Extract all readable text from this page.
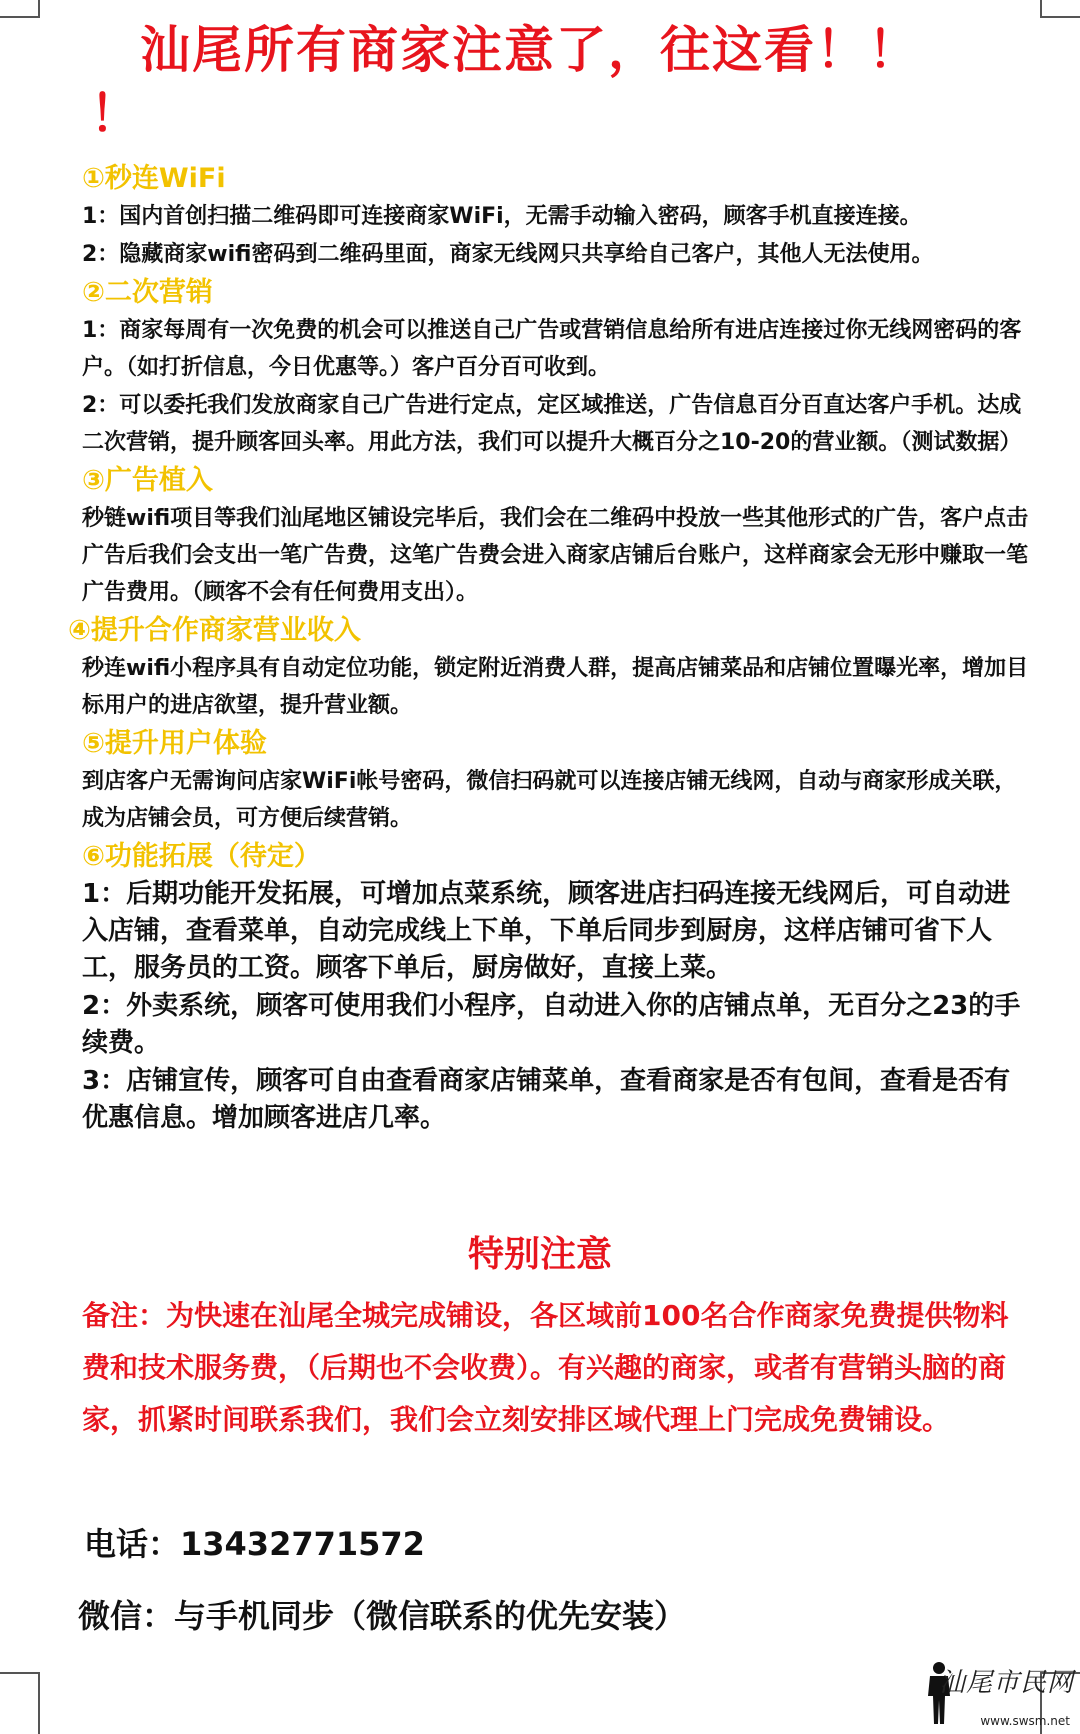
汕尾所有商家注意了，往这看！！
！

①秒连WiFi

1：国内首创扫描二维码即可连接商家WiFi，无需手动输入密码，顾客手机直接连接。

2：隐藏商家wifi密码到二维码里面，商家无线网只共享给自己客户，其他人无法使用。

②二次营销

1：商家每周有一次免费的机会可以推送自己广告或营销信息给所有进店连接过你无线网密码的客户。（如打折信息，今日优惠等。）客户百分百可收到。

2：可以委托我们发放商家自己广告进行定点，定区域推送，广告信息百分百直达客户手机。达成二次营销，提升顾客回头率。用此方法，我们可以提升大概百分之10-20的营业额。（测试数据）

③广告植入

秒链wifi项目等我们汕尾地区铺设完毕后，我们会在二维码中投放一些其他形式的广告，客户点击广告后我们会支出一笔广告费，这笔广告费会进入商家店铺后台账户，这样商家会无形中赚取一笔广告费用。（顾客不会有任何费用支出）。

④提升合作商家营业收入

秒连wifi小程序具有自动定位功能，锁定附近消费人群，提高店铺菜品和店铺位置曝光率，增加目标用户的进店欲望，提升营业额。

⑤提升用户体验

到店客户无需询问店家WiFi帐号密码，微信扫码就可以连接店铺无线网，自动与商家形成关联，成为店铺会员，可方便后续营销。

⑥功能拓展（待定）

1：后期功能开发拓展，可增加点菜系统，顾客进店扫码连接无线网后，可自动进入店铺，查看菜单，自动完成线上下单，下单后同步到厨房，这样店铺可省下人工，服务员的工资。顾客下单后，厨房做好，直接上菜。

2：外卖系统，顾客可使用我们小程序，自动进入你的店铺点单，无百分之23的手续费。

3：店铺宣传，顾客可自由查看商家店铺菜单，查看商家是否有包间，查看是否有优惠信息。增加顾客进店几率。

特别注意
备注：为快速在汕尾全城完成铺设，各区域前100名合作商家免费提供物料费和技术服务费，（后期也不会收费）。有兴趣的商家，或者有营销头脑的商家，抓紧时间联系我们，我们会立刻安排区域代理上门完成免费铺设。
电话：13432771572
微信：与手机同步（微信联系的优先安装）
汕尾市民网
www.swsm.net
